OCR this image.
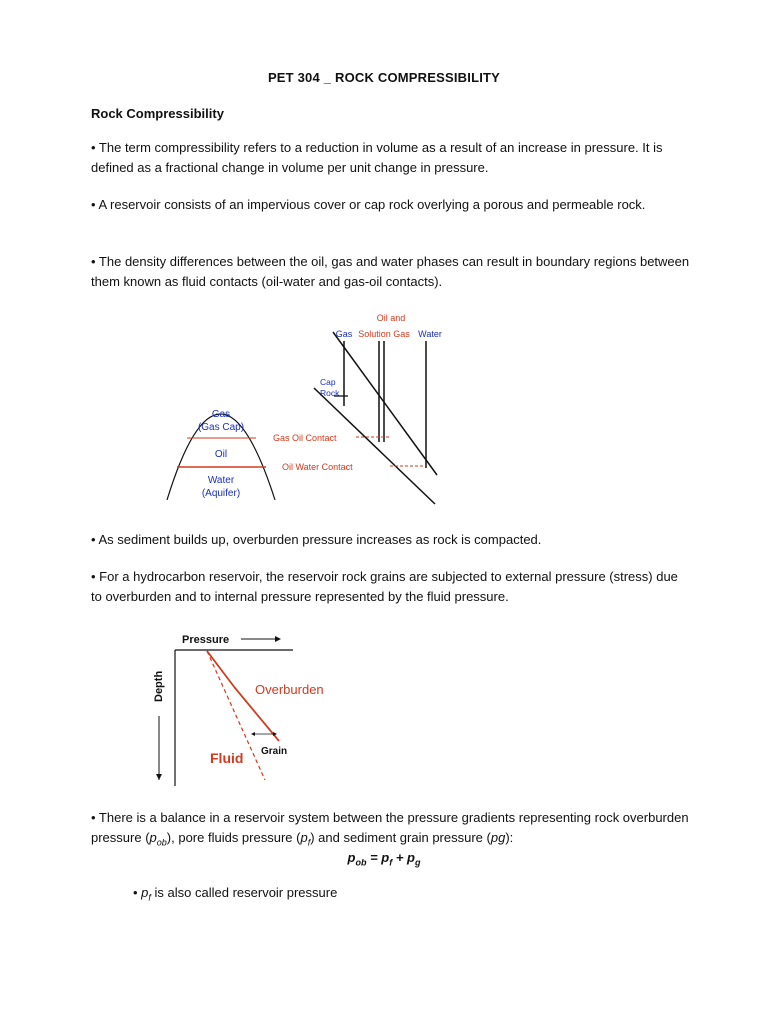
PET 304 _ ROCK COMPRESSIBILITY
Rock Compressibility
• The term compressibility refers to a reduction in volume as a result of an increase in pressure. It is defined as a fractional change in volume per unit change in pressure.
• A reservoir consists of an impervious cover or cap rock overlying a porous and permeable rock.
• The density differences between the oil, gas and water phases can result in boundary regions between them known as fluid contacts (oil-water and gas-oil contacts).
Oil and
Gas Solution Gas Water
Cap
Rock
Gas
(Gas Cap)
Oil
Water
(Aquifer)
Gas Oil Contact
Oil Water Contact
• As sediment builds up, overburden pressure increases as rock is compacted.
• For a hydrocarbon reservoir, the reservoir rock grains are subjected to external pressure (stress) due to overburden and to internal pressure represented by the fluid pressure.
Pressure
Depth	Overburden
Grain
Fluid
• There is a balance in a reservoir system between the pressure gradients representing rock overburden pressure $(p_{ob})$, pore fluids pressure $(p_f)$ and sediment grain pressure (pg):
$p_{ob} = p_f + p_g$
• $p_f$ is also called reservoir pressure
